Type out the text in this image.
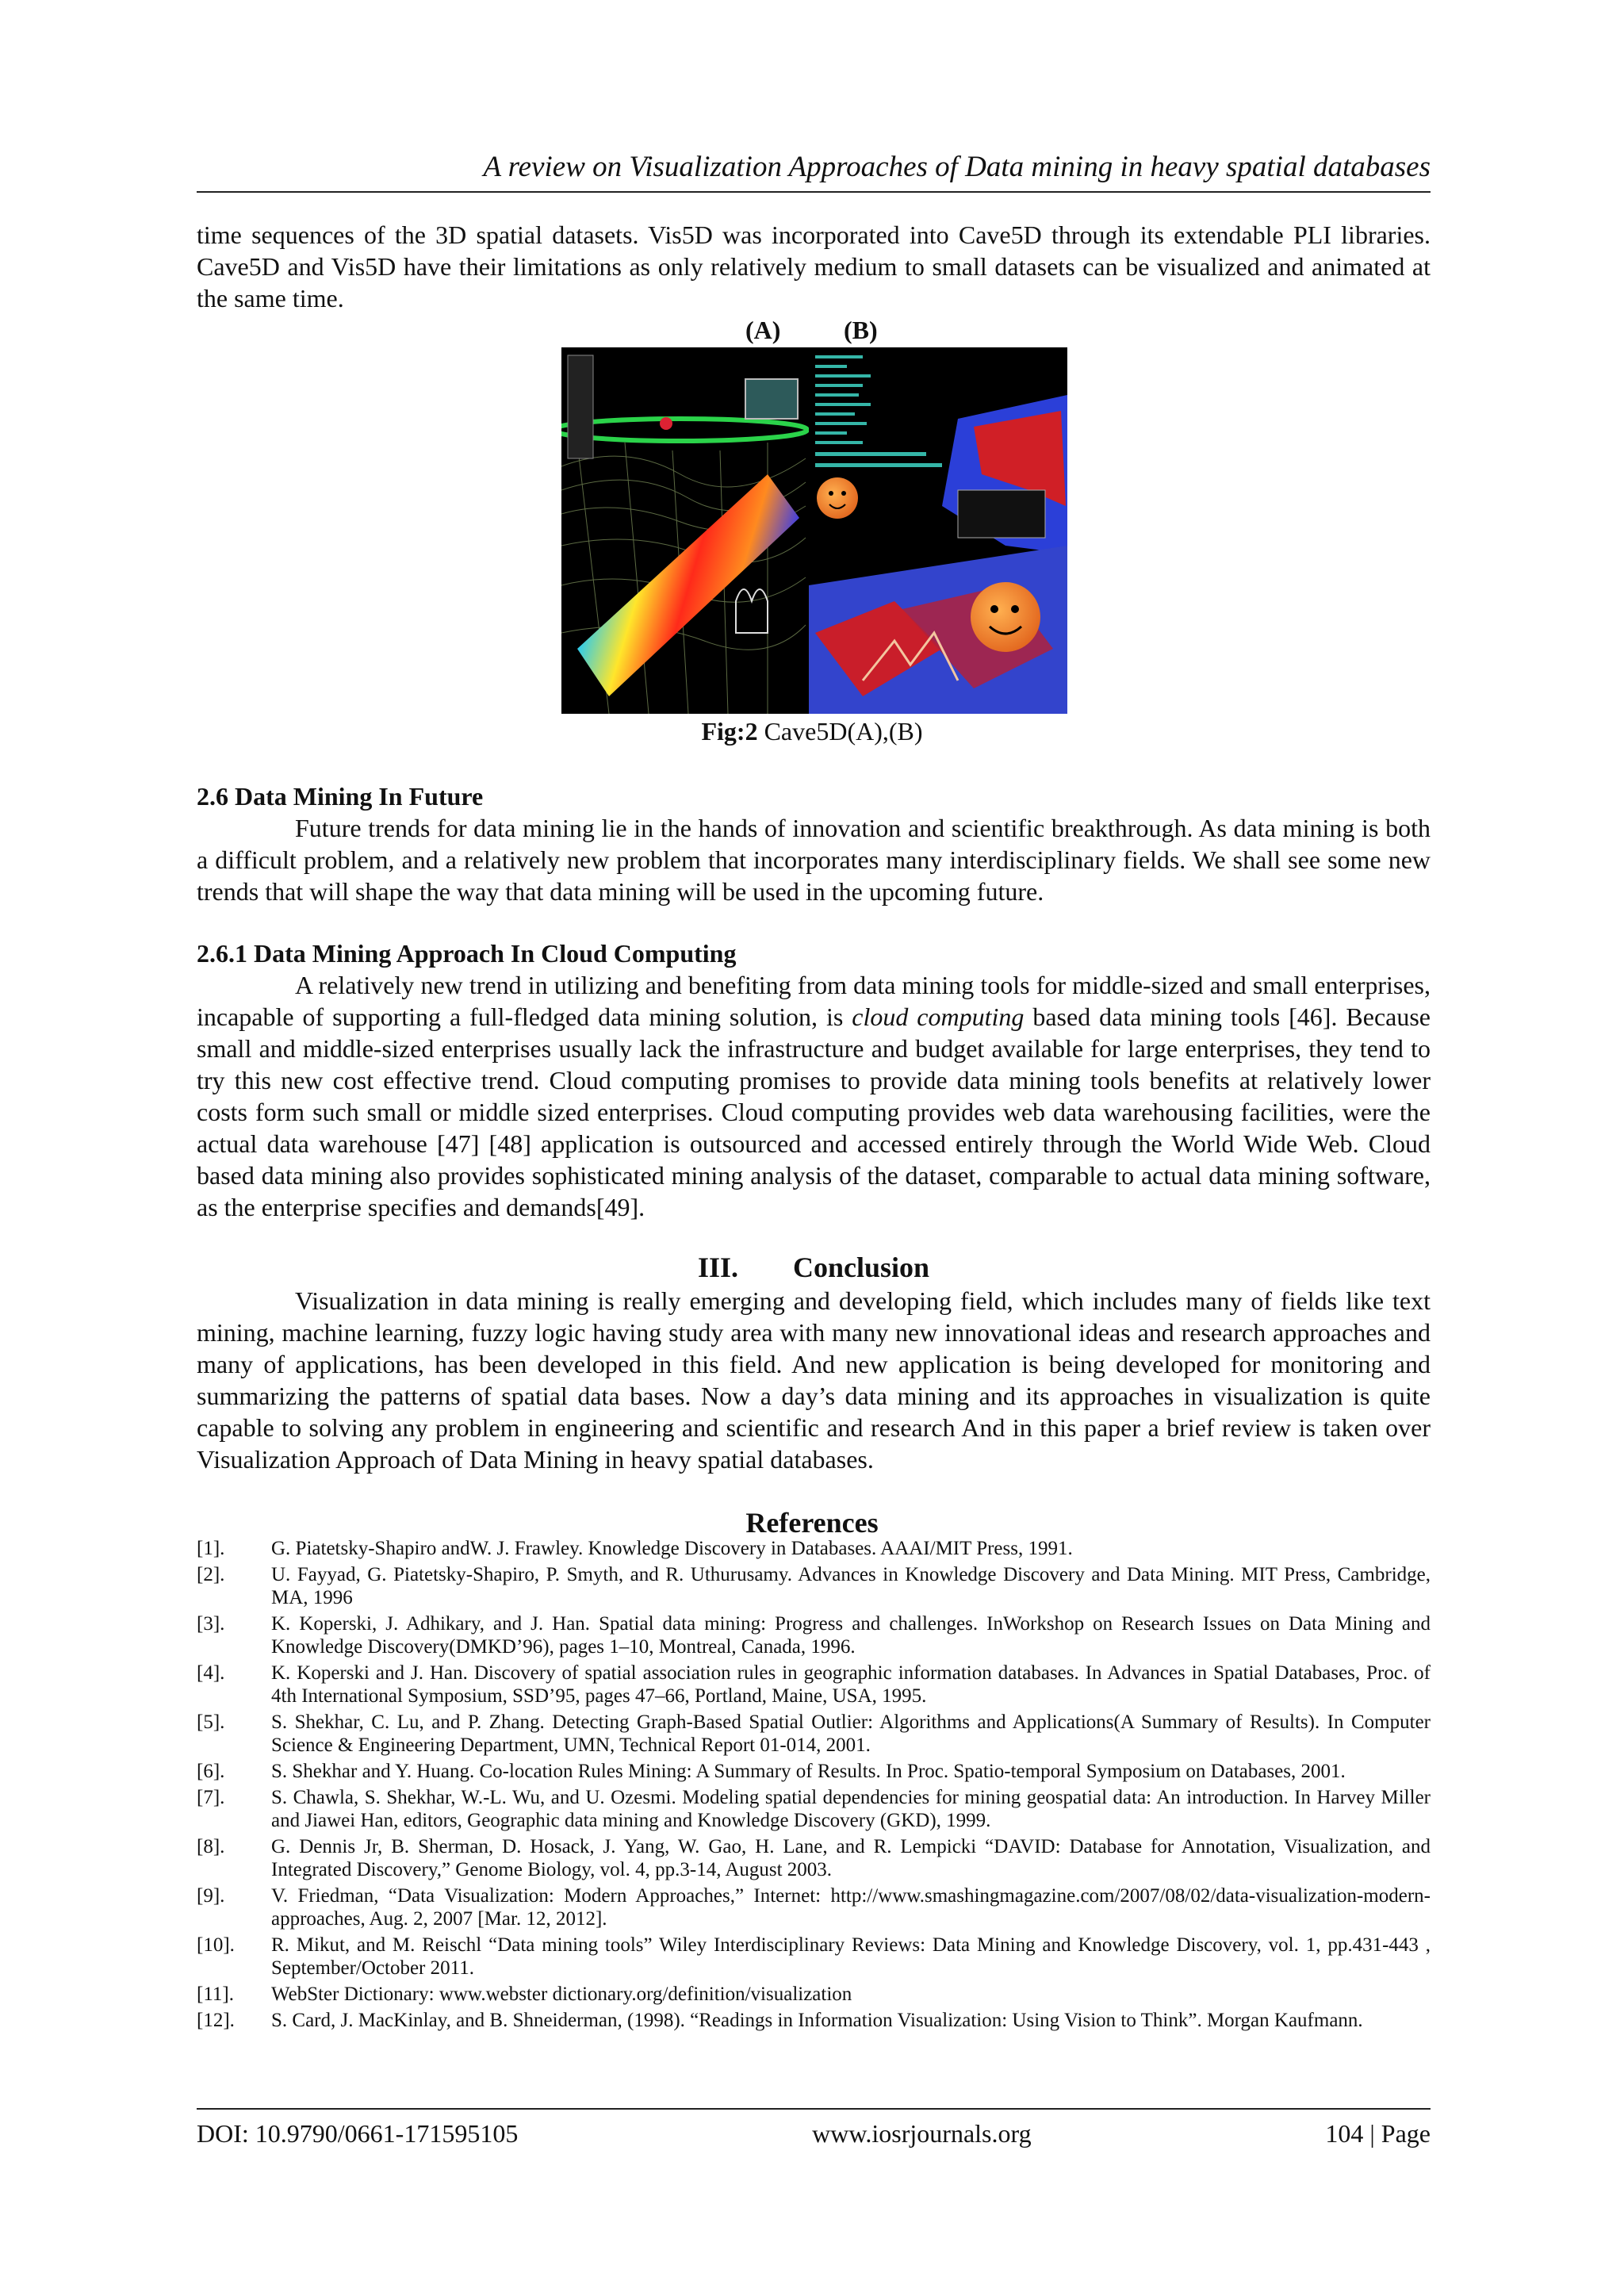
A review on Visualization Approaches of Data mining in heavy spatial databases

time sequences of the 3D spatial datasets. Vis5D was incorporated into Cave5D through its extendable PLI libraries. Cave5D and Vis5D have their limitations as only relatively medium to small datasets can be visualized and animated at the same time.

(A) (B)
Fig:2 Cave5D(A),(B)
2.6 Data Mining In Future

Future trends for data mining lie in the hands of innovation and scientific breakthrough. As data mining is both a difficult problem, and a relatively new problem that incorporates many interdisciplinary fields. We shall see some new trends that will shape the way that data mining will be used in the upcoming future.

2.6.1 Data Mining Approach In Cloud Computing

A relatively new trend in utilizing and benefiting from data mining tools for middle-sized and small enterprises, incapable of supporting a full-fledged data mining solution, is cloud computing based data mining tools [46]. Because small and middle-sized enterprises usually lack the infrastructure and budget available for large enterprises, they tend to try this new cost effective trend. Cloud computing promises to provide data mining tools benefits at relatively lower costs form such small or middle sized enterprises. Cloud computing provides web data warehousing facilities, were the actual data warehouse [47] [48] application is outsourced and accessed entirely through the World Wide Web. Cloud based data mining also provides sophisticated mining analysis of the dataset, comparable to actual data mining software, as the enterprise specifies and demands[49].

III. Conclusion

Visualization in data mining is really emerging and developing field, which includes many of fields like text mining, machine learning, fuzzy logic having study area with many new innovational ideas and research approaches and many of applications, has been developed in this field. And new application is being developed for monitoring and summarizing the patterns of spatial data bases. Now a day’s data mining and its approaches in visualization is quite capable to solving any problem in engineering and scientific and research And in this paper a brief review is taken over Visualization Approach of Data Mining in heavy spatial databases.

References
[1].	G. Piatetsky-Shapiro andW. J. Frawley. Knowledge Discovery in Databases. AAAI/MIT Press, 1991.
[2].	U. Fayyad, G. Piatetsky-Shapiro, P. Smyth, and R. Uthurusamy. Advances in Knowledge Discovery and Data Mining. MIT Press, Cambridge, MA, 1996
[3].	K. Koperski, J. Adhikary, and J. Han. Spatial data mining: Progress and challenges. InWorkshop on Research Issues on Data Mining and Knowledge Discovery(DMKD’96), pages 1–10, Montreal, Canada, 1996.
[4].	K. Koperski and J. Han. Discovery of spatial association rules in geographic information databases. In Advances in Spatial Databases, Proc. of 4th International Symposium, SSD’95, pages 47–66, Portland, Maine, USA, 1995.
[5].	S. Shekhar, C. Lu, and P. Zhang. Detecting Graph-Based Spatial Outlier: Algorithms and Applications(A Summary of Results). In Computer Science & Engineering Department, UMN, Technical Report 01-014, 2001.
[6].	S. Shekhar and Y. Huang. Co-location Rules Mining: A Summary of Results. In Proc. Spatio-temporal Symposium on Databases, 2001.
[7].	S. Chawla, S. Shekhar, W.-L. Wu, and U. Ozesmi. Modeling spatial dependencies for mining geospatial data: An introduction. In Harvey Miller and Jiawei Han, editors, Geographic data mining and Knowledge Discovery (GKD), 1999.
[8].	G. Dennis Jr, B. Sherman, D. Hosack, J. Yang, W. Gao, H. Lane, and R. Lempicki “DAVID: Database for Annotation, Visualization, and Integrated Discovery,” Genome Biology, vol. 4, pp.3-14, August 2003.
[9].	V. Friedman, “Data Visualization: Modern Approaches,” Internet: http://www.smashingmagazine.com/2007/08/02/data-visualization-modern-approaches, Aug. 2, 2007 [Mar. 12, 2012].
[10].	R. Mikut, and M. Reischl “Data mining tools” Wiley Interdisciplinary Reviews: Data Mining and Knowledge Discovery, vol. 1, pp.431-443 , September/October 2011.
[11].	WebSter Dictionary: www.webster dictionary.org/definition/visualization
[12].	S. Card, J. MacKinlay, and B. Shneiderman, (1998). “Readings in Information Visualization: Using Vision to Think”. Morgan Kaufmann.
DOI: 10.9790/0661-171595105	www.iosrjournals.org	104 | Page
